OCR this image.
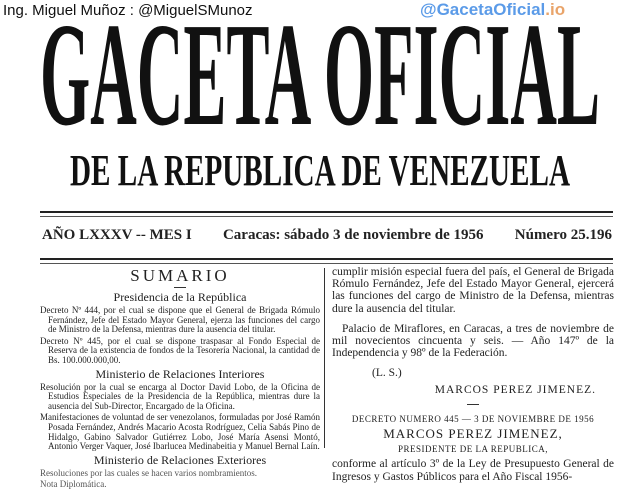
Ing. Miguel Muñoz : @MiguelSMunoz	@GacetaOficial.io
GACETA OFICIAL
DE LA REPUBLICA DE VENEZUELA
AÑO LXXXV -- MES I Caracas: sábado 3 de noviembre de 1956 Número 25.196
SUMARIO
Presidencia de la República

Decreto Nº 444, por el cual se dispone que el General de Brigada Rómulo Fernández, Jefe del Estado Mayor General, ejerza las funciones del cargo de Ministro de la Defensa, mientras dure la ausencia del titular.

Decreto Nº 445, por el cual se dispone traspasar al Fondo Especial de Reserva de la existencia de fondos de la Tesorería Nacional, la cantidad de Bs. 100.000.000,00.

Ministerio de Relaciones Interiores

Resolución por la cual se encarga al Doctor David Lobo, de la Oficina de Estudios Especiales de la Presidencia de la República, mientras dure la ausencia del Sub-Director, Encargado de la Oficina.

Manifestaciones de voluntad de ser venezolanos, formuladas por José Ramón Posada Fernández, Andrés Macario Acosta Rodríguez, Celia Sabás Pino de Hidalgo, Gabino Salvador Gutiérrez Lobo, José María Asensi Montó, Antonio Verger Vaquer, José Ibarlucea Medinabeitia y Manuel Bernal Laín.

Ministerio de Relaciones Exteriores

Resoluciones por las cuales se hacen varios nombramientos.

Nota Diplomática.

cumplir misión especial fuera del país, el General de Brigada Rómulo Fernández, Jefe del Estado Mayor General, ejercerá las funciones del cargo de Ministro de la Defensa, mientras dure la ausencia del titular.

Palacio de Miraflores, en Caracas, a tres de noviembre de mil novecientos cincuenta y seis. — Año 147º de la Independencia y 98º de la Federación.

(L. S.)

MARCOS PEREZ JIMENEZ.

DECRETO NUMERO 445 — 3 DE NOVIEMBRE DE 1956

MARCOS PEREZ JIMENEZ,

PRESIDENTE DE LA REPUBLICA,

conforme al artículo 3º de la Ley de Presupuesto General de Ingresos y Gastos Públicos para el Año Fiscal 1956-
